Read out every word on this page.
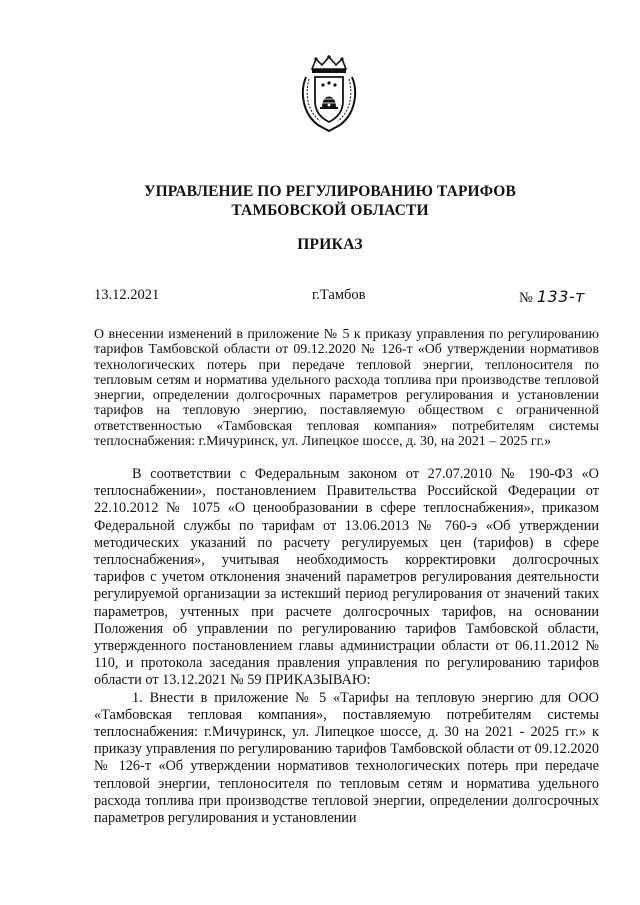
УПРАВЛЕНИЕ ПО РЕГУЛИРОВАНИЮ ТАРИФОВ
ТАМБОВСКОЙ ОБЛАСТИ
ПРИКАЗ
13.12.2021	г.Тамбов	№ 133-т
О внесении изменений в приложение № 5 к приказу управления по регулированию тарифов Тамбовской области от 09.12.2020 № 126-т «Об утверждении нормативов технологических потерь при передаче тепловой энергии, теплоносителя по тепловым сетям и норматива удельного расхода топлива при производстве тепловой энергии, определении долгосрочных параметров регулирования и установлении тарифов на тепловую энергию, поставляемую обществом с ограниченной ответственностью «Тамбовская тепловая компания» потребителям системы теплоснабжения: г.Мичуринск, ул. Липецкое шоссе, д. 30, на 2021 – 2025 гг.»

В соответствии с Федеральным законом от 27.07.2010 № 190-ФЗ «О теплоснабжении», постановлением Правительства Российской Федерации от 22.10.2012 № 1075 «О ценообразовании в сфере теплоснабжения», приказом Федеральной службы по тарифам от 13.06.2013 № 760-э «Об утверждении методических указаний по расчету регулируемых цен (тарифов) в сфере теплоснабжения», учитывая необходимость корректировки долгосрочных тарифов с учетом отклонения значений параметров регулирования деятельности регулируемой организации за истекший период регулирования от значений таких параметров, учтенных при расчете долгосрочных тарифов, на основании Положения об управлении по регулированию тарифов Тамбовской области, утвержденного постановлением главы администрации области от 06.11.2012 № 110, и протокола заседания правления управления по регулированию тарифов области от 13.12.2021 № 59 ПРИКАЗЫВАЮ:

1. Внести в приложение № 5 «Тарифы на тепловую энергию для ООО «Тамбовская тепловая компания», поставляемую потребителям системы теплоснабжения: г.Мичуринск, ул. Липецкое шоссе, д. 30 на 2021 - 2025 гг.» к приказу управления по регулированию тарифов Тамбовской области от 09.12.2020 № 126-т «Об утверждении нормативов технологических потерь при передаче тепловой энергии, теплоносителя по тепловым сетям и норматива удельного расхода топлива при производстве тепловой энергии, определении долгосрочных параметров регулирования и установлении
